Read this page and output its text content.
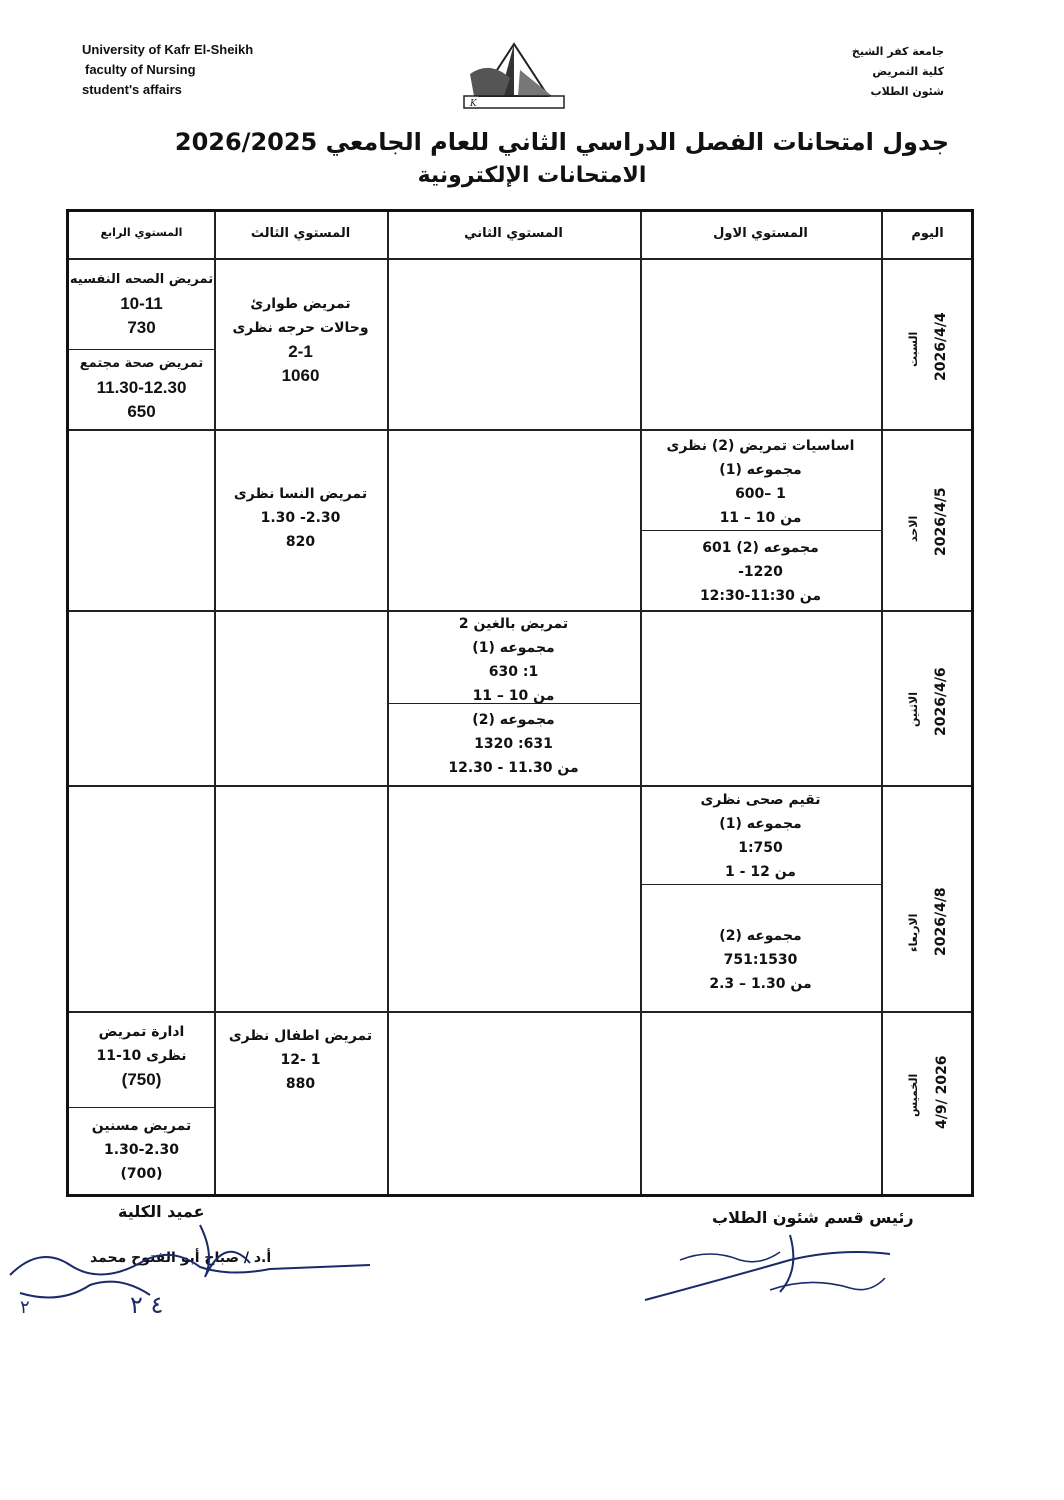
University of Kafr El-Sheikh
faculty of Nursing
student's affairs
K
جامعة كفر الشيخ
كلية التمريض
شئون الطلاب
جدول امتحانات الفصل الدراسي الثاني للعام الجامعي 2026/2025
الامتحانات الإلكترونية
اليوم
المستوي الاول
المستوي الثاني
المستوي الثالث
المستوي الرابع
2026/4/4
السبت
2026/4/5
الاحد
2026/4/6
الاثنين
2026/4/8
الاربعاء
4/9/ 2026
الخميس
تمريض طوارئ
وحالات حرجه نظرى
2-1
1060
تمريض الصحه النفسيه
10-11
730
تمريض صحة مجتمع
11.30-12.30
650
اساسيات تمريض (2) نظرى
مجموعه (1)
1 –600
من 10 – 11
مجموعه (2) 601
1220-
من 11:30-12:30
تمريض النسا نظرى
2.30- 1.30
820
تمريض بالغين 2
مجموعه (1)
1: 630
من 10 – 11
مجموعه (2)
631: 1320
من 11.30 - 12.30
تقيم صحى نظرى
مجموعه (1)
1:750
من 12 - 1
مجموعه (2)
751:1530
من 1.30 – 2.3
تمريض اطفال نظرى
1 -12
880
ادارة تمريض
نظرى 10-11
(750)
تمريض مسنين
1.30-2.30
(700)
رئيس قسم شئون الطلاب
عميد الكلية
أ.د / صباح أبو الفتوح محمد
٢	٤ ٢
